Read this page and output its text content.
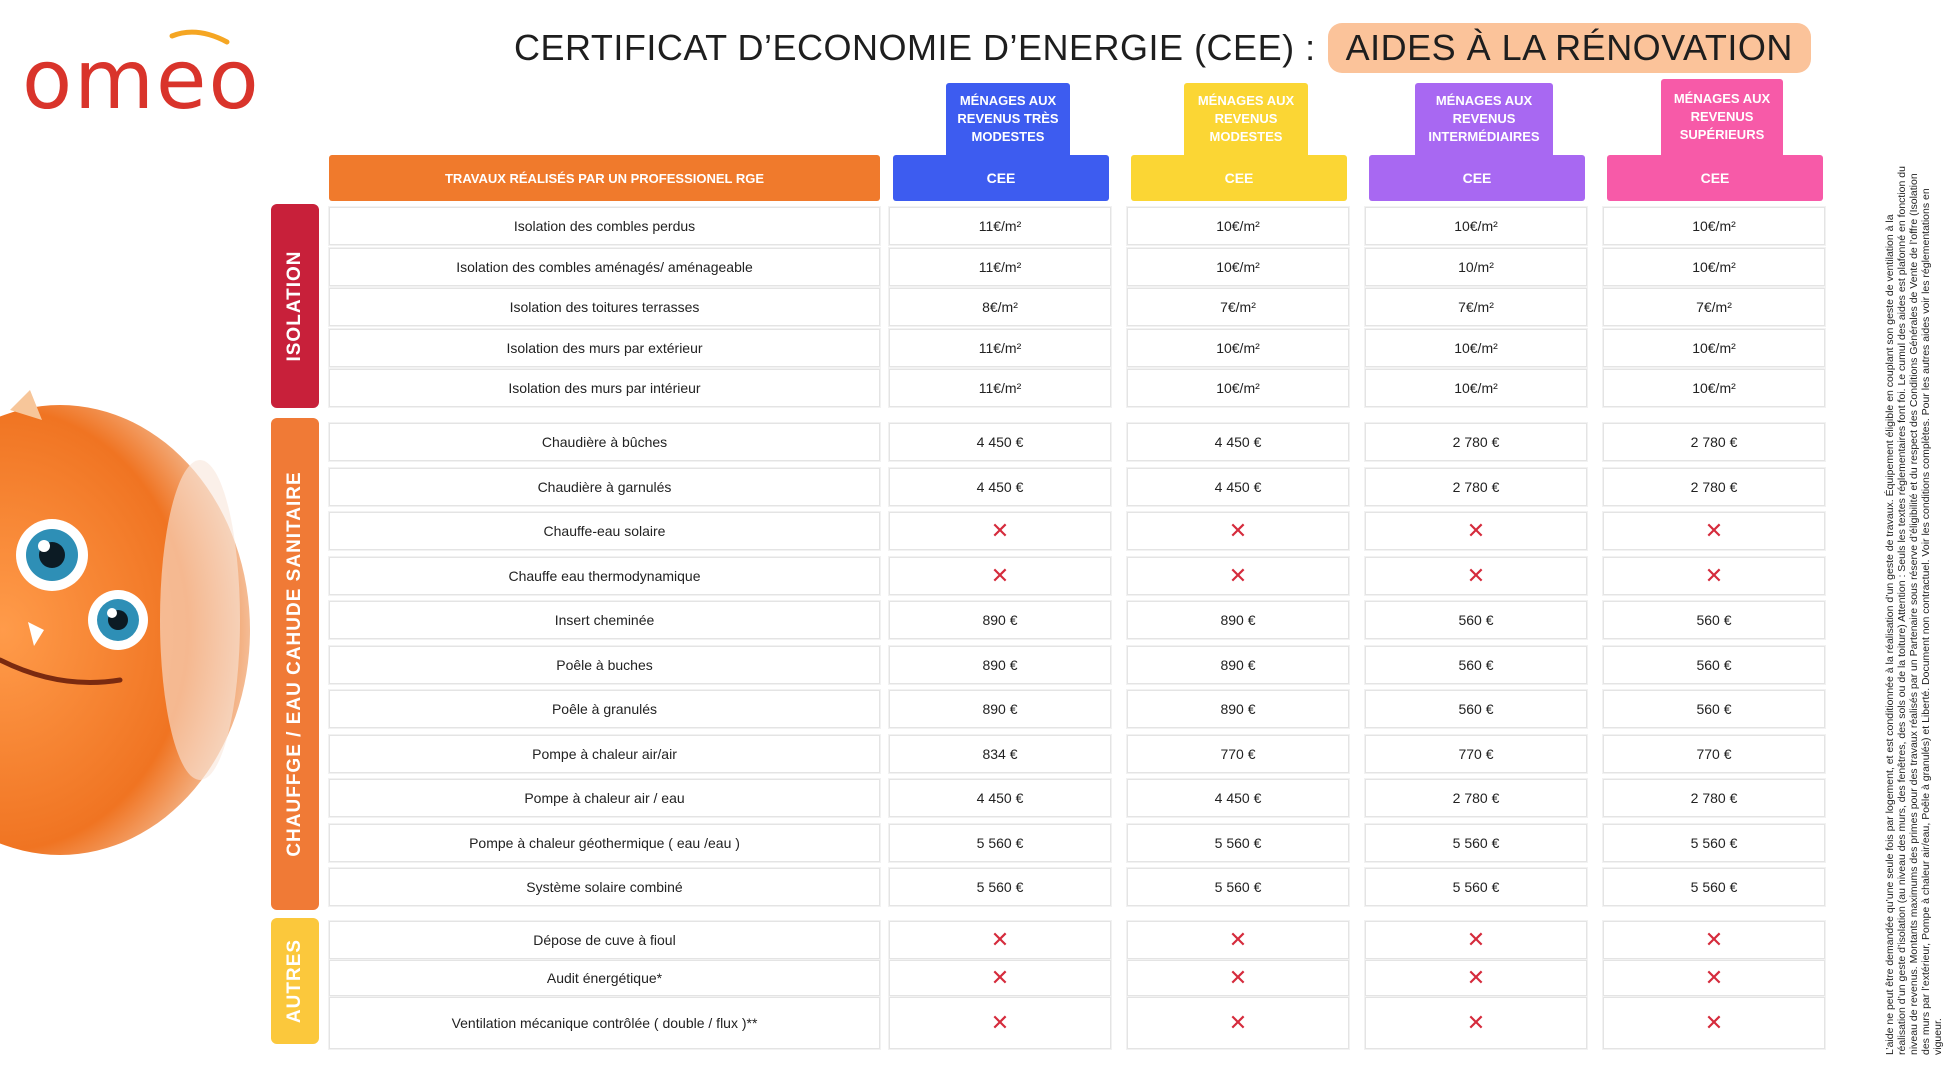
omeo	CERTIFICAT D’ECONOMIE D’ENERGIE (CEE) : AIDES À LA RÉNOVATION
MÉNAGES AUX REVENUS TRÈS MODESTES
CEE
MÉNAGES AUX REVENUS MODESTES
CEE
MÉNAGES AUX REVENUS INTERMÉDIAIRES
CEE
MÉNAGES AUX REVENUS SUPÉRIEURS
CEE
TRAVAUX RÉALISÉS PAR UN PROFESSIONEL RGE
ISOLATION
Isolation des combles perdus	11€/m²	10€/m²	10€/m²	10€/m²
Isolation des combles aménagés/ aménageable	11€/m²	10€/m²	10/m²	10€/m²
Isolation des toitures terrasses	8€/m²	7€/m²	7€/m²	7€/m²
Isolation des murs par extérieur	11€/m²	10€/m²	10€/m²	10€/m²
Isolation des murs par intérieur	11€/m²	10€/m²	10€/m²	10€/m²
CHAUFFGE / EAU CAHUDE SANITAIRE
Chaudière à bûches	4 450 €	4 450 €	2 780 €	2 780 €
Chaudière à garnulés	4 450 €	4 450 €	2 780 €	2 780 €
Chauffe-eau solaire	✕	✕	✕	✕
Chauffe eau thermodynamique	✕	✕	✕	✕
Insert cheminée	890 €	890 €	560 €	560 €
Poêle à buches	890 €	890 €	560 €	560 €
Poêle à granulés	890 €	890 €	560 €	560 €
Pompe à chaleur air/air	834 €	770 €	770 €	770 €
Pompe à chaleur air / eau	4 450 €	4 450 €	2 780 €	2 780 €
Pompe à chaleur géothermique ( eau /eau )	5 560 €	5 560 €	5 560 €	5 560 €
Système solaire combiné	5 560 €	5 560 €	5 560 €	5 560 €
AUTRES	Dépose de cuve à fioul	✕	✕	✕	✕
Audit énergétique*	✕	✕	✕	✕
Ventilation mécanique contrôlée ( double / flux )**	✕	✕	✕	✕	L’aide ne peut être demandée qu’une seule fois par logement, et est conditionnée à la réalisation d’un geste de travaux. Équipement éligible en couplant son geste de ventilation à la réalisation d’un geste d’isolation (au niveau des murs, des fenêtres, des sols ou de la toiture) Attention : Seuls les textes réglementaires font foi. Le cumul des aides est plafonné en fonction du niveau de revenus. Montants maximums des primes pour des travaux réalisés par un Partenaire sous réserve d’éligibilité et du respect des Conditions Générales de Vente de l’offre (Isolation des murs par l’extérieur, Pompe à chaleur air/eau, Poêle à granulés) et Liberté. Document non contractuel. Voir les conditions complètes. Pour les autres aides voir les réglementations en vigueur.
